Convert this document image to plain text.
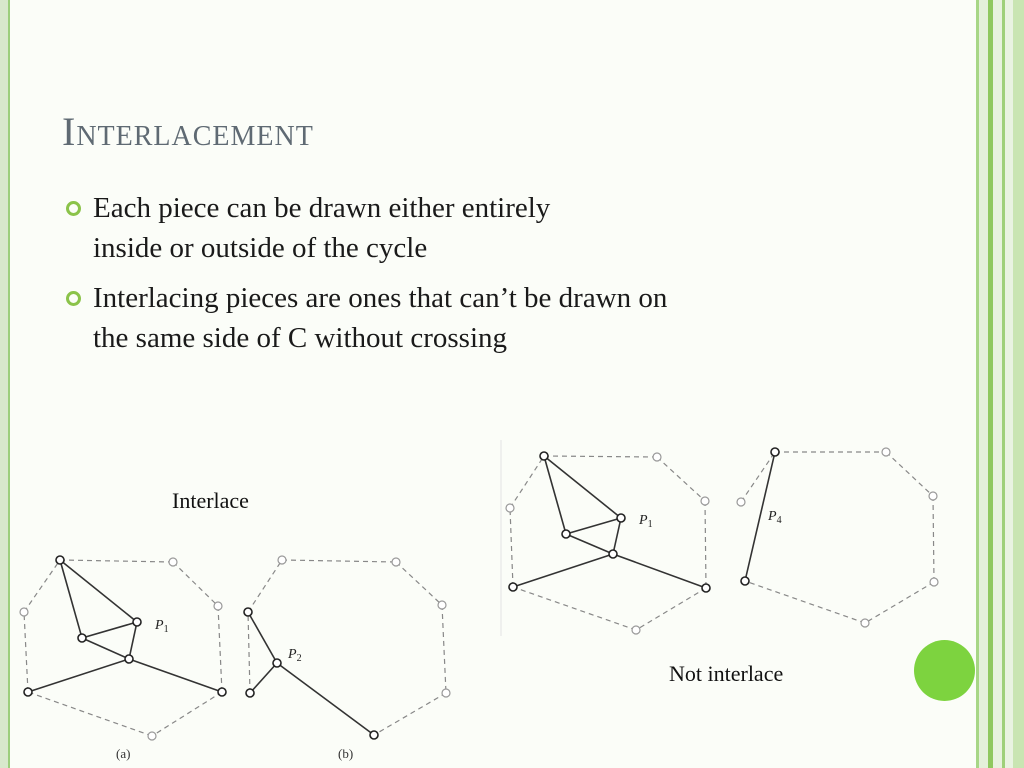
Interlacement
Each piece can be drawn either entirely
inside or outside of the cycle
Interlacing pieces are ones that can’t be drawn on
the same side of C without crossing
Interlace
Not interlace
$P_1$
(a)
$P_2$
(b)
$P_1$
$P_4$
